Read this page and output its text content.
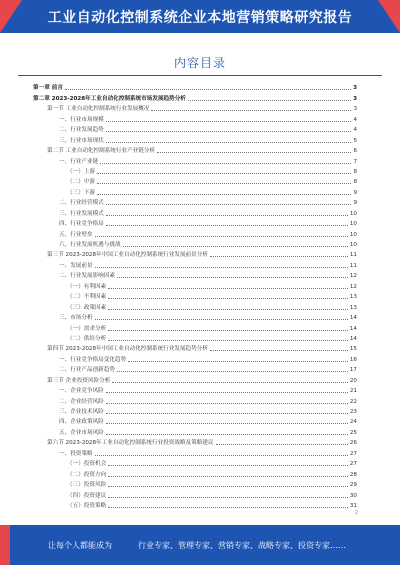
工业自动化控制系统企业本地营销策略研究报告
内容目录
第一章 前言	3
第二章 2023-2028年工业自动化控制系统市场发展趋势分析	3
第一节 工业自动化控制系统行业发展概况	3
一、行业市场规模	4
二、行业发展趋势	4
三、行业市场现状	5
第二节 工业自动化控制系统行业产业链分析	6
一、行业产业链	7
（一）上游	8
（二）中游	8
（三）下游	9
二、行业经营模式	9
三、行业发展模式	10
四、行业竞争格局	10
五、行业壁垒	10
六、行业发展机遇与挑战	10
第三节 2023-2028年中国工业自动化控制系统行业发展前景分析	11
一、发展前景	11
二、行业发展影响因素	12
（一）有利因素	12
（二）不利因素	13
（三）政策因素	13
三、市场分析	14
（一）需求分析	14
（二）供给分析	14
第四节 2023-2028年中国工业自动化控制系统行业发展趋势分析	15
一、行业竞争格局变化趋势	16
二、行业产品创新趋势	17
第三节 企业投资风险分析	20
一、企业竞争风险	21
二、企业经营风险	22
三、企业技术风险	23
四、企业政策风险	24
五、企业市场风险	25
第六节 2023-2028年工业自动化控制系统行业投资战略及策略建议	26
一、投资策略	27
（一）投资机会	27
（二）投资方向	28
（三）投资风险	29
（四）投资建议	30
（五）投资策略	31
2
让每个人都能成为	行业专家、管理专家、营销专家、战略专家、投资专家……
